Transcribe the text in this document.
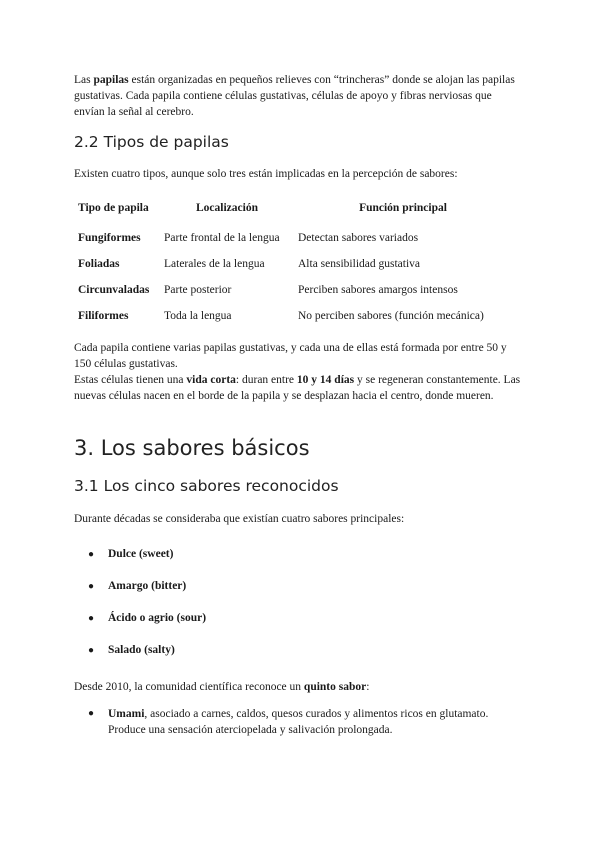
Las papilas están organizadas en pequeños relieves con “trincheras” donde se alojan las papilas gustativas. Cada papila contiene células gustativas, células de apoyo y fibras nerviosas que envían la señal al cerebro.

2.2 Tipos de papilas

Existen cuatro tipos, aunque solo tres están implicadas en la percepción de sabores:

Tipo de papila	Localización	Función principal
Fungiformes	Parte frontal de la lengua	Detectan sabores variados
Foliadas	Laterales de la lengua	Alta sensibilidad gustativa
Circunvaladas	Parte posterior	Perciben sabores amargos intensos
Filiformes	Toda la lengua	No perciben sabores (función mecánica)

Cada papila contiene varias papilas gustativas, y cada una de ellas está formada por entre 50 y 150 células gustativas.

Estas células tienen una vida corta: duran entre 10 y 14 días y se regeneran constantemente. Las nuevas células nacen en el borde de la papila y se desplazan hacia el centro, donde mueren.

3. Los sabores básicos
3.1 Los cinco sabores reconocidos

Durante décadas se consideraba que existían cuatro sabores principales:

●	Dulce (sweet)
●	Amargo (bitter)
●	Ácido o agrio (sour)
●	Salado (salty)

Desde 2010, la comunidad científica reconoce un quinto sabor:

●	Umami, asociado a carnes, caldos, quesos curados y alimentos ricos en glutamato. Produce una sensación aterciopelada y salivación prolongada.
